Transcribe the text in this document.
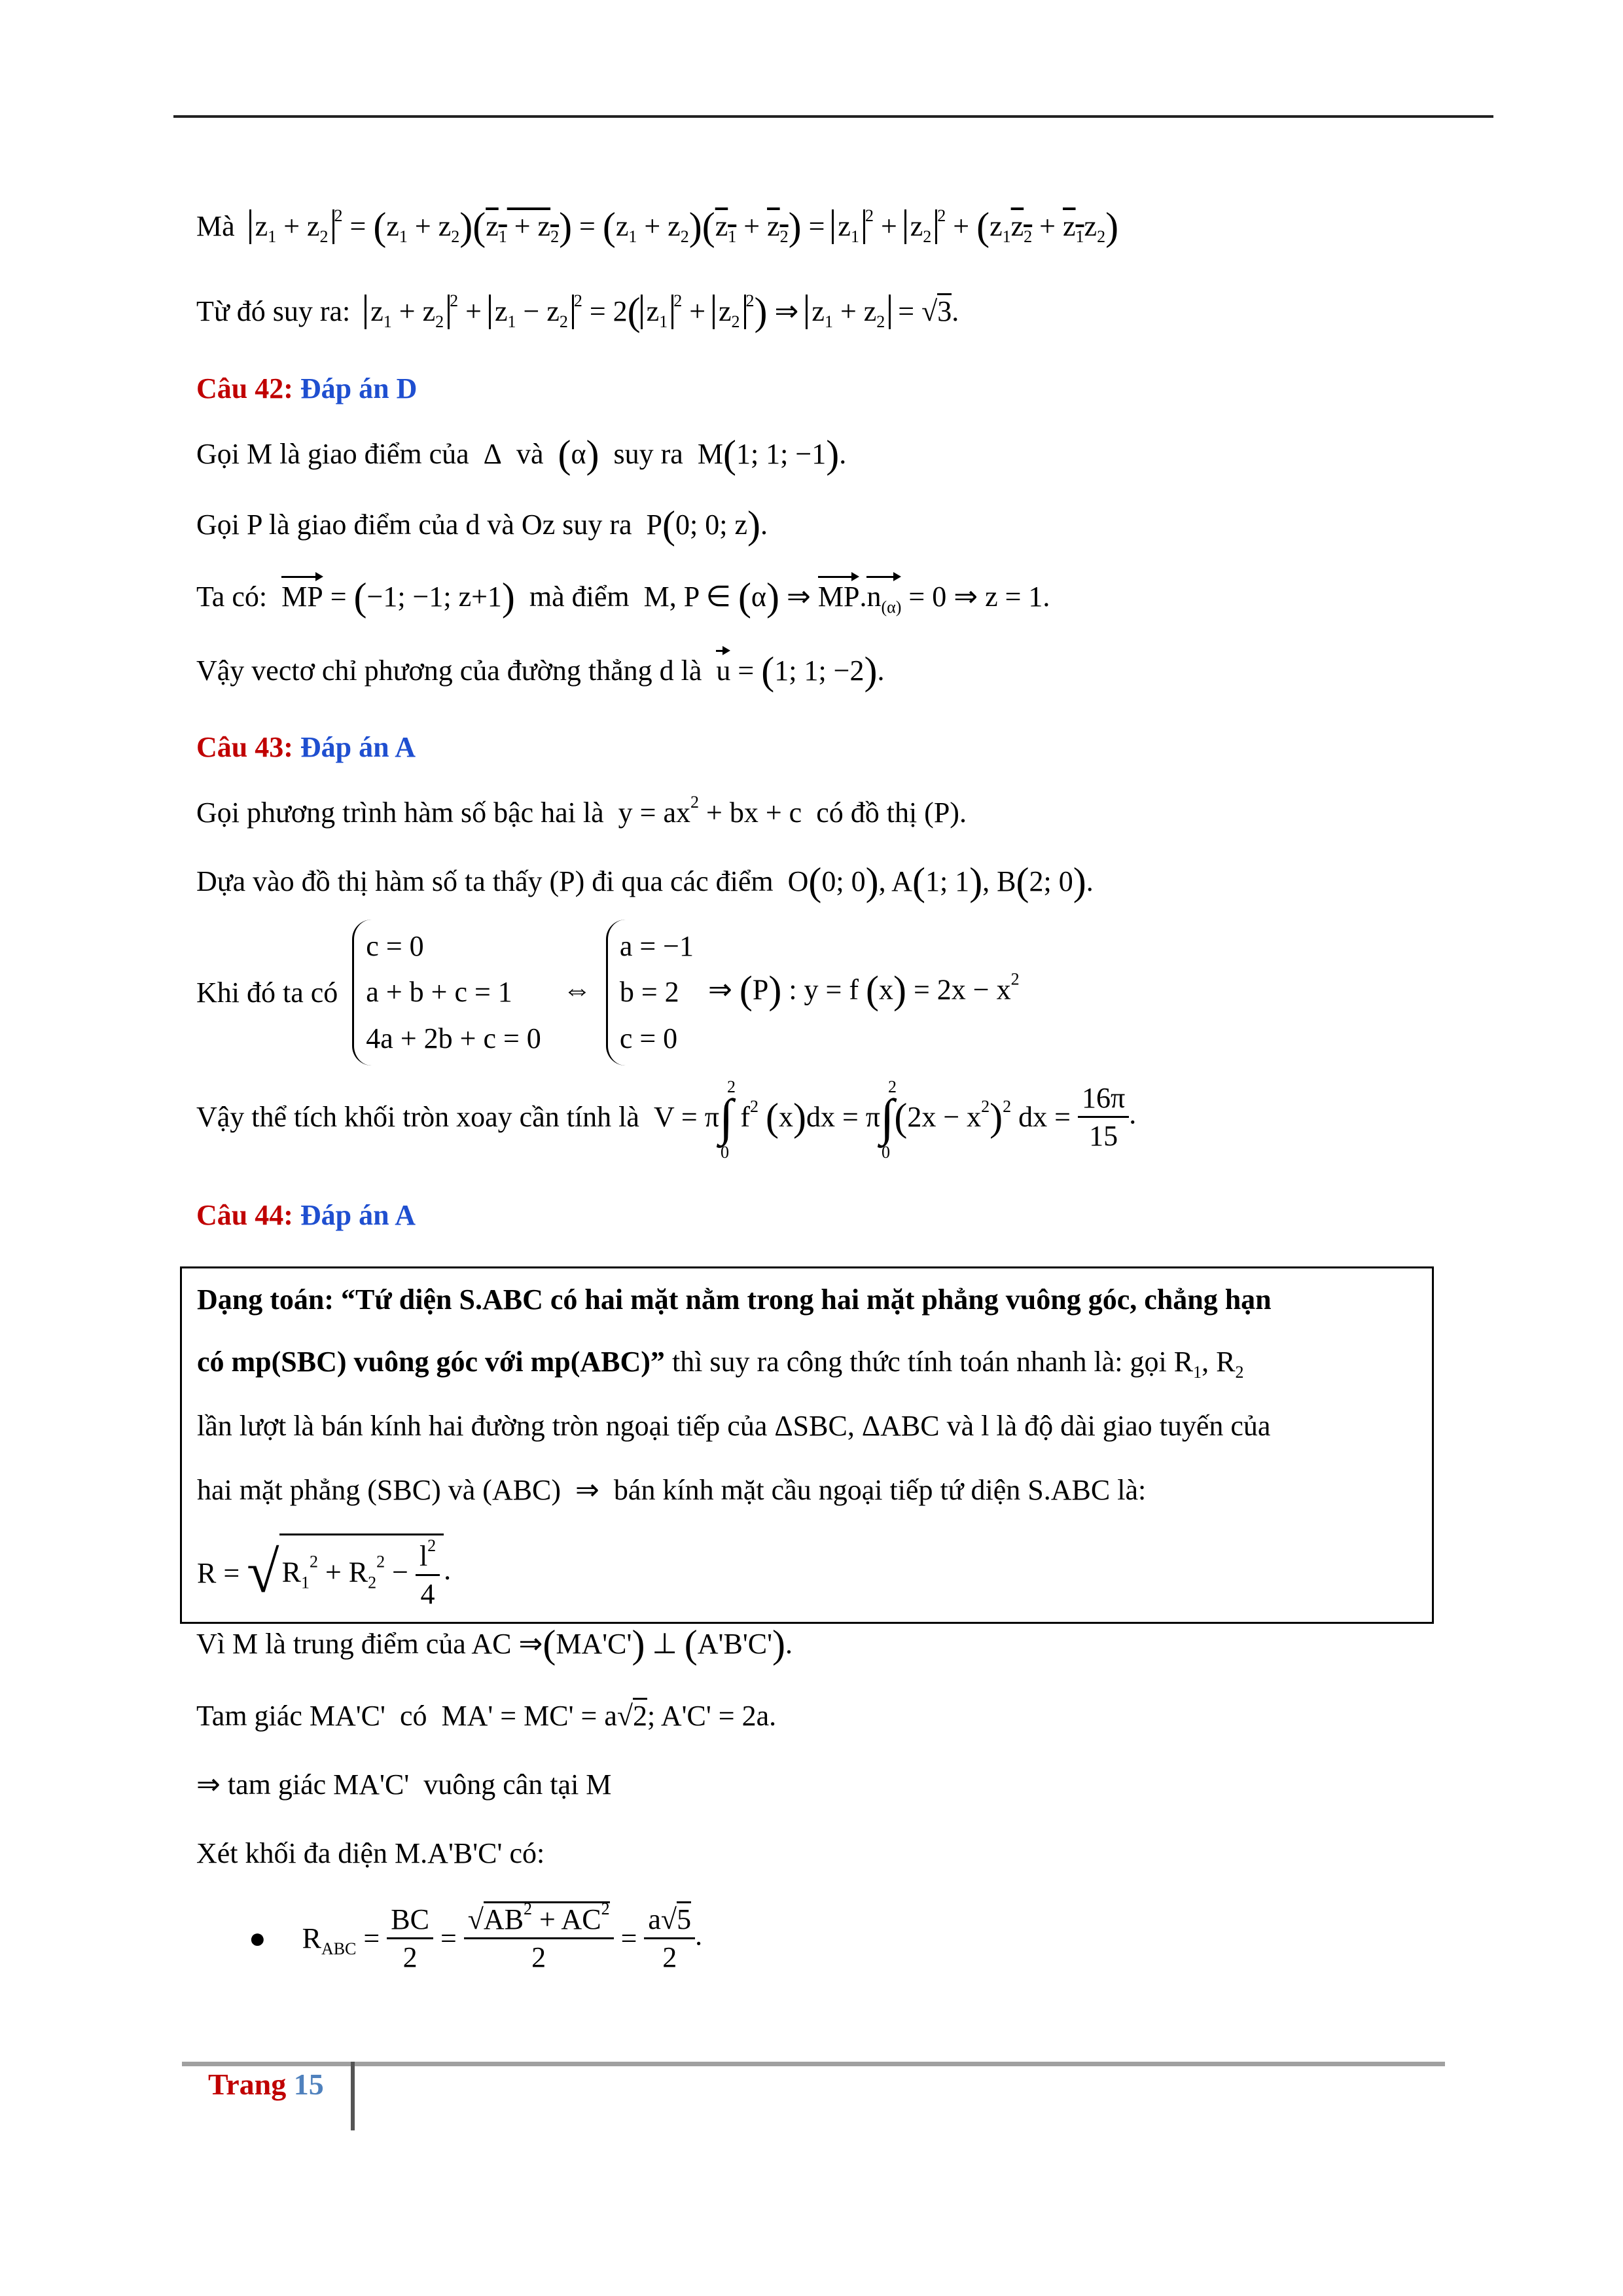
Mà $z_1 + z_2^2 = (z_1 + z_2)(z_1 + z_2) = (z_1 + z_2)(z_1 + z_2) = z_1^2 + z_2^2 + (z_1z_2 + z_1z_2)$
Từ đó suy ra: $z_1 + z_2^2 + z_1 - z_2^2 = 2$( $z_1^2 + z_2^2$) ⇒ $z_1 + z_2 = √3$.
Câu 42: Đáp án D
Gọi M là giao điểm của  Δ  và (α) suy ra  M(1; 1; −1).
Gọi P là giao điểm của d và Oz suy ra  P(0; 0; z).
Ta có: MP = (−1; −1; z+1) mà điểm  M, P ∈ (α) ⇒ $MP.n_{(\alpha)} = 0$ ⇒ z = 1.
Vậy vectơ chỉ phương của đường thẳng d là u = (1; 1; −2).
Câu 43: Đáp án A
Gọi phương trình hàm số bậc hai là  $y = ax^2$ + bx + c  có đồ thị (P).
Dựa vào đồ thị hàm số ta thấy (P) đi qua các điểm  O(0; 0), A(1; 1), B(2; 0).
Khi đó ta có  c = 0
a + b + c = 1
4a + 2b + c = 0   ⇔  a = −1
b = 2
c = 0  ⇒ (P) : y = f $(x) = 2x - x^2$
Vậy thể tích khối tròn xoay cần tính là V = π∫
2
0
$f^2$ (x)dx = π∫
2
0
$(2x - x^2)^2$ dx = $\frac{16\pi}{15}$ .
Câu 44: Đáp án A
Dạng toán: “Tứ diện S.ABC có hai mặt nằm trong hai mặt phẳng vuông góc, chẳng hạn
có mp(SBC) vuông góc với mp(ABC)” thì suy ra công thức tính toán nhanh là: gọi $R_1$, $R_2$
lần lượt là bán kính hai đường tròn ngoại tiếp của ΔSBC, ΔABC và l là độ dài giao tuyến của
hai mặt phẳng (SBC) và (ABC)  ⇒  bán kính mặt cầu ngoại tiếp tứ diện S.ABC là:
$R = √R_1^2 + R_2^2 - \frac{l^2}{4}$ .
Vì M là trung điểm của AC ⇒(MA'C') ⊥ (A'B'C').
Tam giác MA'C'  có  MA' = MC' = a√2; A'C' = 2a.
⇒ tam giác MA'C'  vuông cân tại M
Xét khối đa diện M.A'B'C' có:
● $R_{ABC} = \frac{BC}{2} = \frac{√AB^2 + AC^2}{2} = \frac{a√5}{2}$ .
Trang 15
